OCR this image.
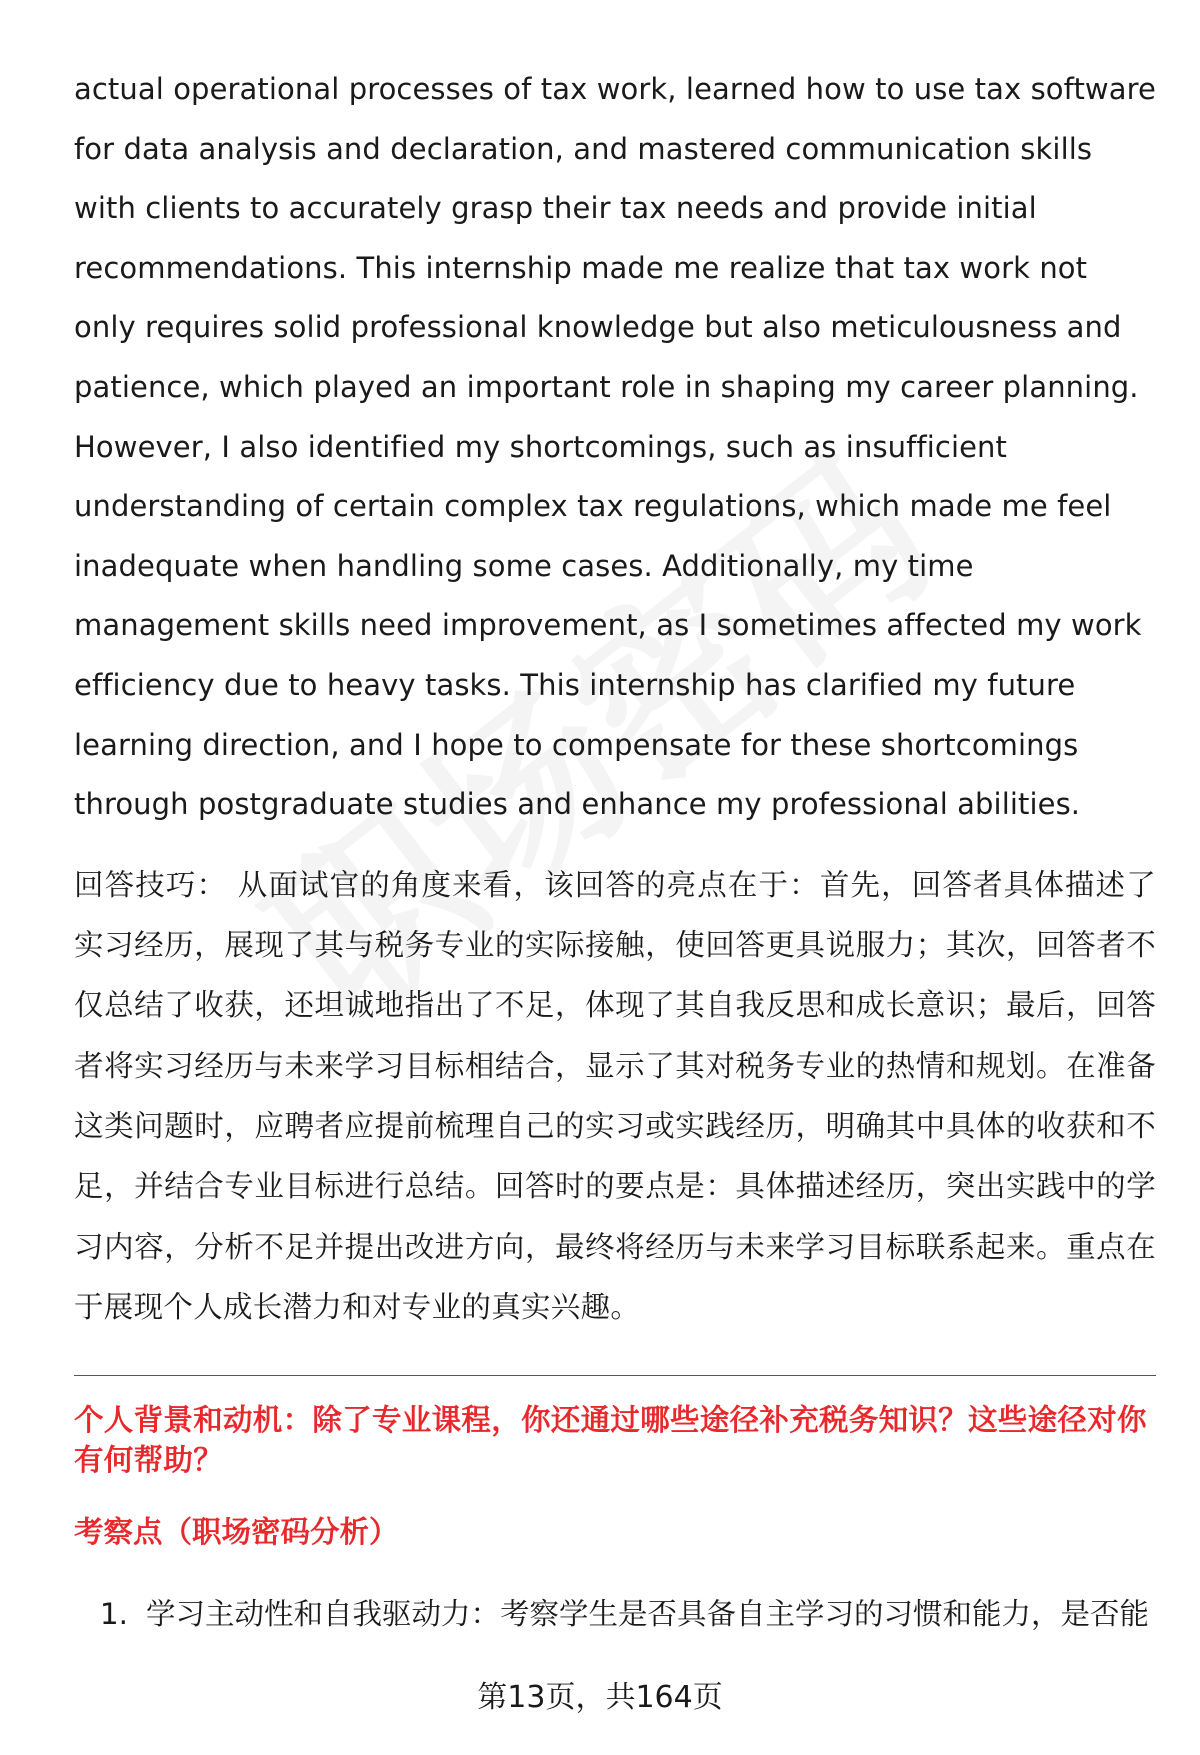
actual operational processes of tax work, learned how to use tax software for data analysis and declaration, and mastered communication skills with clients to accurately grasp their tax needs and provide initial recommendations. This internship made me realize that tax work not only requires solid professional knowledge but also meticulousness and patience, which played an important role in shaping my career planning. However, I also identified my shortcomings, such as insufficient understanding of certain complex tax regulations, which made me feel inadequate when handling some cases. Additionally, my time management skills need improvement, as I sometimes affected my work efficiency due to heavy tasks. This internship has clarified my future learning direction, and I hope to compensate for these shortcomings through postgraduate studies and enhance my professional abilities.

回答技巧： 从面试官的角度来看，该回答的亮点在于：首先，回答者具体描述了实习经历，展现了其与税务专业的实际接触，使回答更具说服力；其次，回答者不仅总结了收获，还坦诚地指出了不足，体现了其自我反思和成长意识；最后，回答者将实习经历与未来学习目标相结合，显示了其对税务专业的热情和规划。在准备这类问题时，应聘者应提前梳理自己的实习或实践经历，明确其中具体的收获和不足，并结合专业目标进行总结。回答时的要点是：具体描述经历，突出实践中的学习内容，分析不足并提出改进方向，最终将经历与未来学习目标联系起来。重点在于展现个人成长潜力和对专业的真实兴趣。

个人背景和动机：除了专业课程，你还通过哪些途径补充税务知识？这些途径对你有何帮助？

考察点（职场密码分析）

1. 学习主动性和自我驱动力：考察学生是否具备自主学习的习惯和能力，是否能
第13页，共164页
